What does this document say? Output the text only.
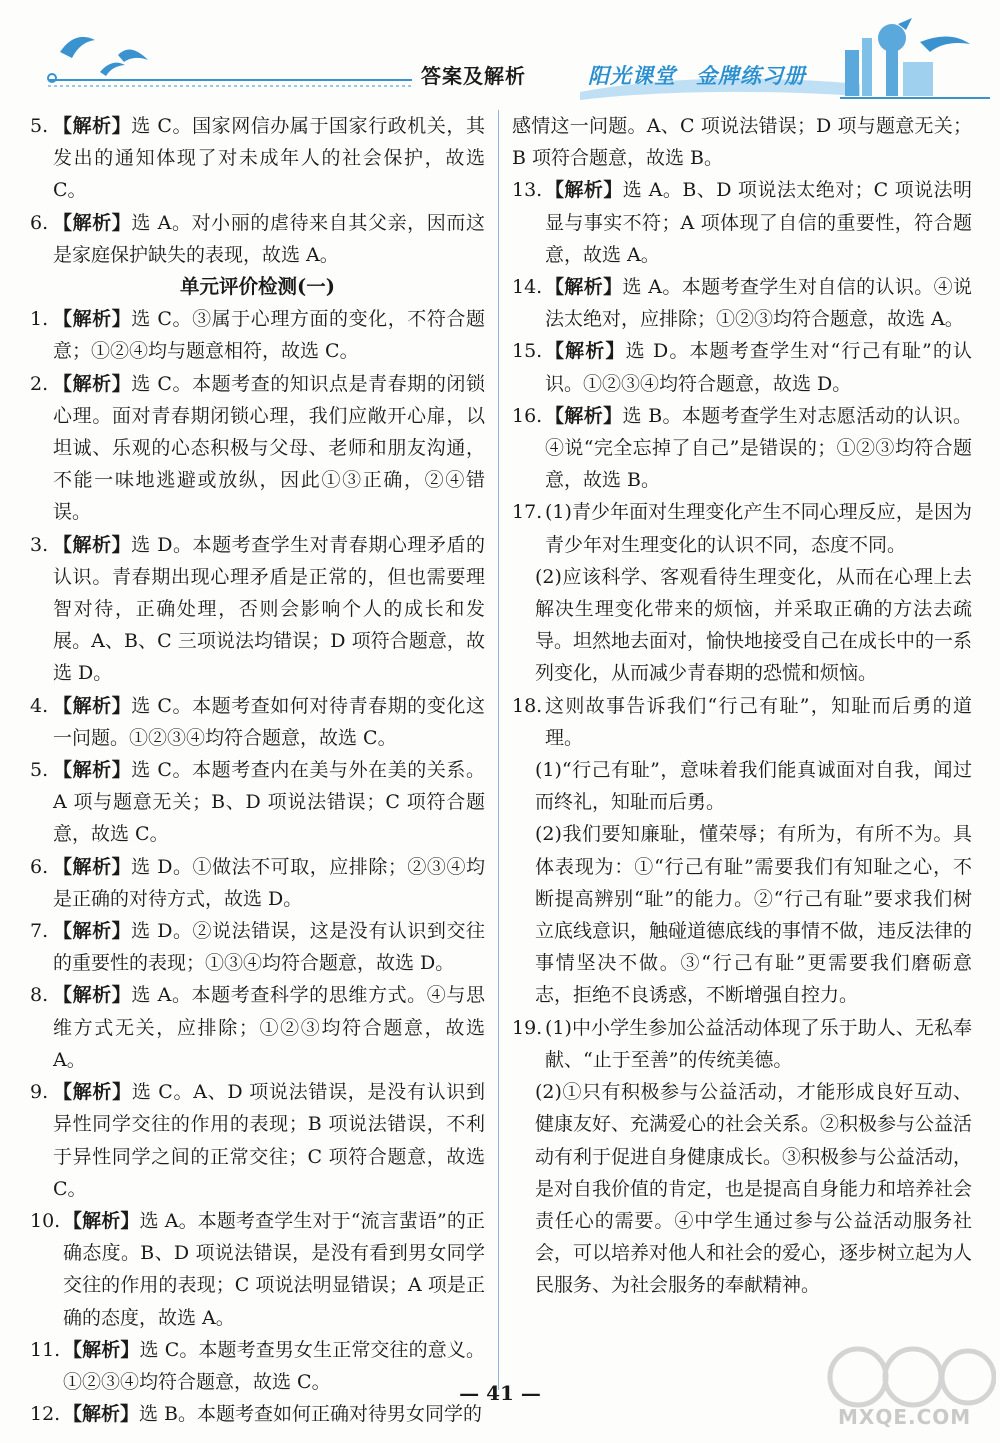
答案及解析	阳光课堂 金牌练习册
5. 【解析】选 C。国家网信办属于国家行政机关，其发出的通知体现了对未成年人的社会保护，故选 C。
6. 【解析】选 A。对小丽的虐待来自其父亲，因而这是家庭保护缺失的表现，故选 A。
单元评价检测(一)
1. 【解析】选 C。③属于心理方面的变化，不符合题意；①②④均与题意相符，故选 C。
2. 【解析】选 C。本题考查的知识点是青春期的闭锁心理。面对青春期闭锁心理，我们应敞开心扉，以坦诚、乐观的心态积极与父母、老师和朋友沟通，不能一味地逃避或放纵，因此①③正确，②④错误。
3. 【解析】选 D。本题考查学生对青春期心理矛盾的认识。青春期出现心理矛盾是正常的，但也需要理智对待，正确处理，否则会影响个人的成长和发展。A、B、C 三项说法均错误；D 项符合题意，故选 D。
4. 【解析】选 C。本题考查如何对待青春期的变化这一问题。①②③④均符合题意，故选 C。
5. 【解析】选 C。本题考查内在美与外在美的关系。A 项与题意无关；B、D 项说法错误；C 项符合题意，故选 C。
6. 【解析】选 D。①做法不可取，应排除；②③④均是正确的对待方式，故选 D。
7. 【解析】选 D。②说法错误，这是没有认识到交往的重要性的表现；①③④均符合题意，故选 D。
8. 【解析】选 A。本题考查科学的思维方式。④与思维方式无关，应排除；①②③均符合题意，故选 A。
9. 【解析】选 C。A、D 项说法错误，是没有认识到异性同学交往的作用的表现；B 项说法错误，不利于异性同学之间的正常交往；C 项符合题意，故选 C。
10. 【解析】选 A。本题考查学生对于“流言蜚语”的正确态度。B、D 项说法错误，是没有看到男女同学交往的作用的表现；C 项说法明显错误；A 项是正确的态度，故选 A。
11. 【解析】选 C。本题考查男女生正常交往的意义。①②③④均符合题意，故选 C。
12. 【解析】选 B。本题考查如何正确对待男女同学的
感情这一问题。A、C 项说法错误；D 项与题意无关；B 项符合题意，故选 B。
13. 【解析】选 A。B、D 项说法太绝对；C 项说法明显与事实不符；A 项体现了自信的重要性，符合题意，故选 A。
14. 【解析】选 A。本题考查学生对自信的认识。④说法太绝对，应排除；①②③均符合题意，故选 A。
15. 【解析】选 D。本题考查学生对“行己有耻”的认识。①②③④均符合题意，故选 D。
16. 【解析】选 B。本题考查学生对志愿活动的认识。④说“完全忘掉了自己”是错误的；①②③均符合题意，故选 B。
17. (1)青少年面对生理变化产生不同心理反应，是因为青少年对生理变化的认识不同，态度不同。
(2)应该科学、客观看待生理变化，从而在心理上去解决生理变化带来的烦恼，并采取正确的方法去疏导。坦然地去面对，愉快地接受自己在成长中的一系列变化，从而减少青春期的恐慌和烦恼。
18. 这则故事告诉我们“行己有耻”，知耻而后勇的道理。
(1)“行己有耻”，意味着我们能真诚面对自我，闻过而终礼，知耻而后勇。
(2)我们要知廉耻，懂荣辱；有所为，有所不为。具体表现为：①“行己有耻”需要我们有知耻之心，不断提高辨别“耻”的能力。②“行己有耻”要求我们树立底线意识，触碰道德底线的事情不做，违反法律的事情坚决不做。③“行己有耻”更需要我们磨砺意志，拒绝不良诱惑，不断增强自控力。
19. (1)中小学生参加公益活动体现了乐于助人、无私奉献、“止于至善”的传统美德。
(2)①只有积极参与公益活动，才能形成良好互动、健康友好、充满爱心的社会关系。②积极参与公益活动有利于促进自身健康成长。③积极参与公益活动，是对自我价值的肯定，也是提高自身能力和培养社会责任心的需要。④中学生通过参与公益活动服务社会，可以培养对他人和社会的爱心，逐步树立起为人民服务、为社会服务的奉献精神。
— 41 —
MXQE.COM
